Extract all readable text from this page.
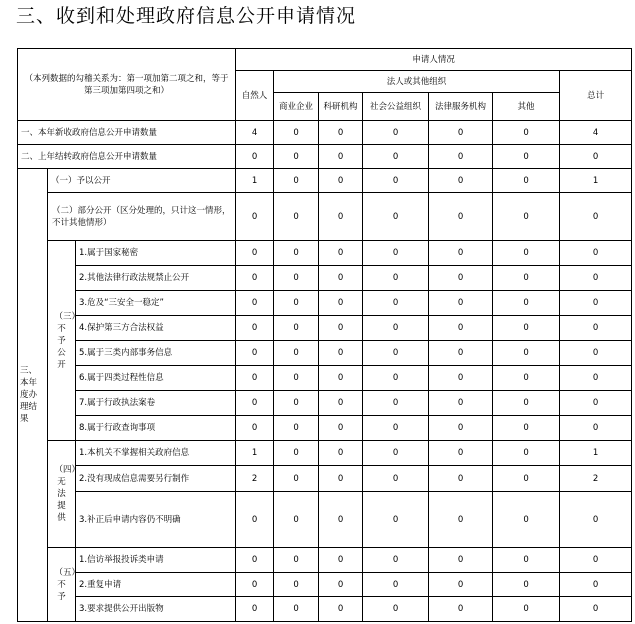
三、收到和处理政府信息公开申请情况
（本列数据的勾稽关系为：第一项加第二项之和，等于第三项加第四项之和）			申请人情况						
			自然人	法人或其他组织					总计
				商业企业	科研机构	社会公益组织	法律服务机构	其他	
一、本年新收政府信息公开申请数量			4	0	0	0	0	0	4
二、上年结转政府信息公开申请数量			0	0	0	0	0	0	0
三、本年度办理结果	（一）予以公开		1	0	0	0	0	0	1
	（二）部分公开（区分处理的，只计这一情形，不计其他情形）		0	0	0	0	0	0	0
	（三）不予公开	1.属于国家秘密	0	0	0	0	0	0	0
		2.其他法律行政法规禁止公开	0	0	0	0	0	0	0
		3.危及“三安全一稳定”	0	0	0	0	0	0	0
		4.保护第三方合法权益	0	0	0	0	0	0	0
		5.属于三类内部事务信息	0	0	0	0	0	0	0
		6.属于四类过程性信息	0	0	0	0	0	0	0
		7.属于行政执法案卷	0	0	0	0	0	0	0
		8.属于行政查询事项	0	0	0	0	0	0	0
	（四）无法提供	1.本机关不掌握相关政府信息	1	0	0	0	0	0	1
		2.没有现成信息需要另行制作	2	0	0	0	0	0	2
		3.补正后申请内容仍不明确	0	0	0	0	0	0	0
	（五）不予	1.信访举报投诉类申请	0	0	0	0	0	0	0
		2.重复申请	0	0	0	0	0	0	0
		3.要求提供公开出版物	0	0	0	0	0	0	0
